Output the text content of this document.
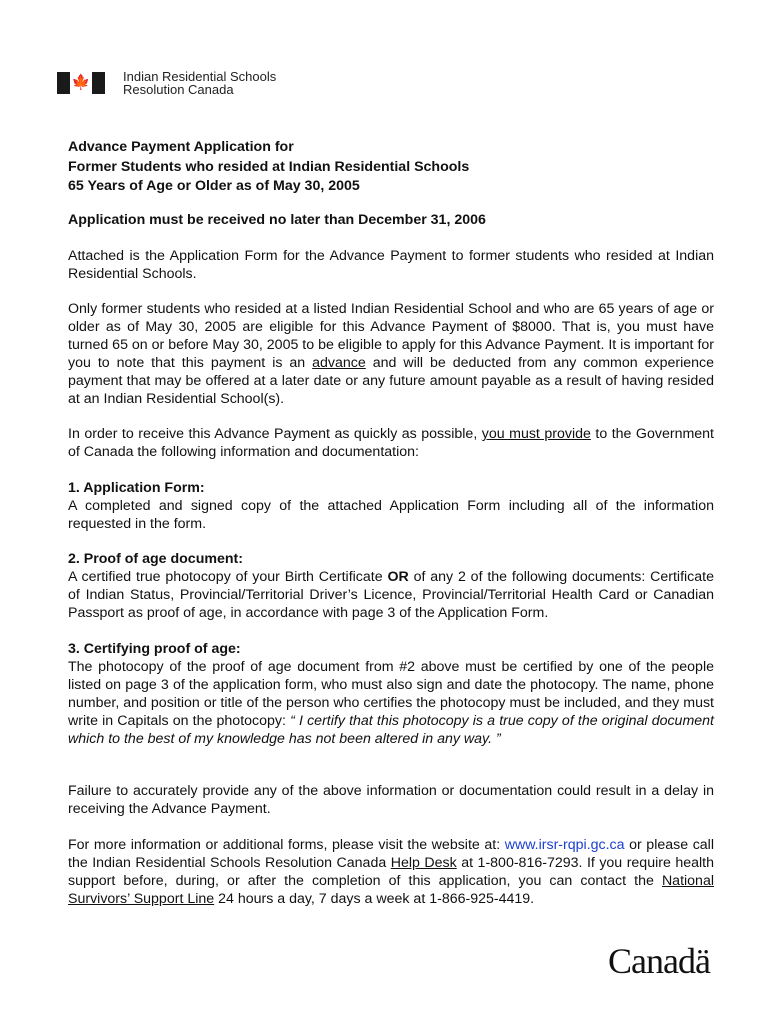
🍁	Indian Residential Schools
Resolution Canada
Advance Payment Application for
Former Students who resided at Indian Residential Schools
65 Years of Age or Older as of May 30, 2005
Application must be received no later than December 31, 2006
Attached is the Application Form for the Advance Payment to former students who resided at Indian Residential Schools.
Only former students who resided at a listed Indian Residential School and who are 65 years of age or older as of May 30, 2005 are eligible for this Advance Payment of $8000. That is, you must have turned 65 on or before May 30, 2005 to be eligible to apply for this Advance Payment. It is important for you to note that this payment is an advance and will be deducted from any common experience payment that may be offered at a later date or any future amount payable as a result of having resided at an Indian Residential School(s).
In order to receive this Advance Payment as quickly as possible, you must provide to the Government of Canada the following information and documentation:
1. Application Form:
A completed and signed copy of the attached Application Form including all of the information requested in the form.
2. Proof of age document:
A certified true photocopy of your Birth Certificate OR of any 2 of the following documents: Certificate of Indian Status, Provincial/Territorial Driver’s Licence, Provincial/Territorial Health Card or Canadian Passport as proof of age, in accordance with page 3 of the Application Form.
3. Certifying proof of age:
The photocopy of the proof of age document from #2 above must be certified by one of the people listed on page 3 of the application form, who must also sign and date the photocopy. The name, phone number, and position or title of the person who certifies the photocopy must be included, and they must write in Capitals on the photocopy: “ I certify that this photocopy is a true copy of the original document which to the best of my knowledge has not been altered in any way. ”
Failure to accurately provide any of the above information or documentation could result in a delay in receiving the Advance Payment.
For more information or additional forms, please visit the website at: www.irsr-rqpi.gc.ca or please call the Indian Residential Schools Resolution Canada Help Desk at 1-800-816-7293. If you require health support before, during, or after the completion of this application, you can contact the National Survivors’ Support Line 24 hours a day, 7 days a week at 1-866-925-4419.
Canadä
